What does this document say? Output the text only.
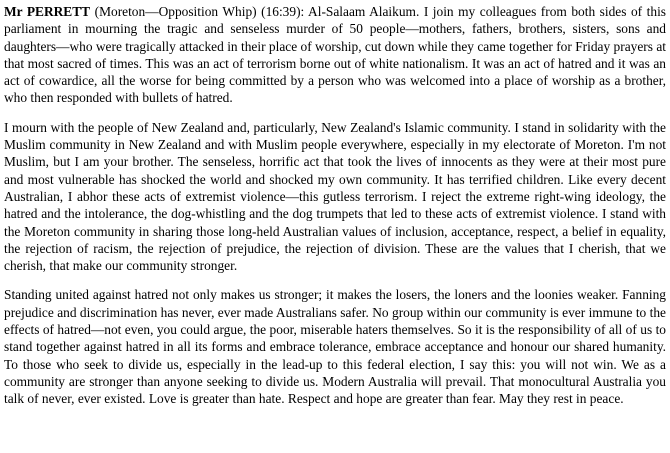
Mr PERRETT (Moreton—Opposition Whip) (16:39): Al-Salaam Alaikum. I join my colleagues from both sides of this parliament in mourning the tragic and senseless murder of 50 people—mothers, fathers, brothers, sisters, sons and daughters—who were tragically attacked in their place of worship, cut down while they came together for Friday prayers at that most sacred of times. This was an act of terrorism borne out of white nationalism. It was an act of hatred and it was an act of cowardice, all the worse for being committed by a person who was welcomed into a place of worship as a brother, who then responded with bullets of hatred.

I mourn with the people of New Zealand and, particularly, New Zealand's Islamic community. I stand in solidarity with the Muslim community in New Zealand and with Muslim people everywhere, especially in my electorate of Moreton. I'm not Muslim, but I am your brother. The senseless, horrific act that took the lives of innocents as they were at their most pure and most vulnerable has shocked the world and shocked my own community. It has terrified children. Like every decent Australian, I abhor these acts of extremist violence—this gutless terrorism. I reject the extreme right-wing ideology, the hatred and the intolerance, the dog-whistling and the dog trumpets that led to these acts of extremist violence. I stand with the Moreton community in sharing those long-held Australian values of inclusion, acceptance, respect, a belief in equality, the rejection of racism, the rejection of prejudice, the rejection of division. These are the values that I cherish, that we cherish, that make our community stronger.

Standing united against hatred not only makes us stronger; it makes the losers, the loners and the loonies weaker. Fanning prejudice and discrimination has never, ever made Australians safer. No group within our community is ever immune to the effects of hatred—not even, you could argue, the poor, miserable haters themselves. So it is the responsibility of all of us to stand together against hatred in all its forms and embrace tolerance, embrace acceptance and honour our shared humanity. To those who seek to divide us, especially in the lead-up to this federal election, I say this: you will not win. We as a community are stronger than anyone seeking to divide us. Modern Australia will prevail. That monocultural Australia you talk of never, ever existed. Love is greater than hate. Respect and hope are greater than fear. May they rest in peace.
